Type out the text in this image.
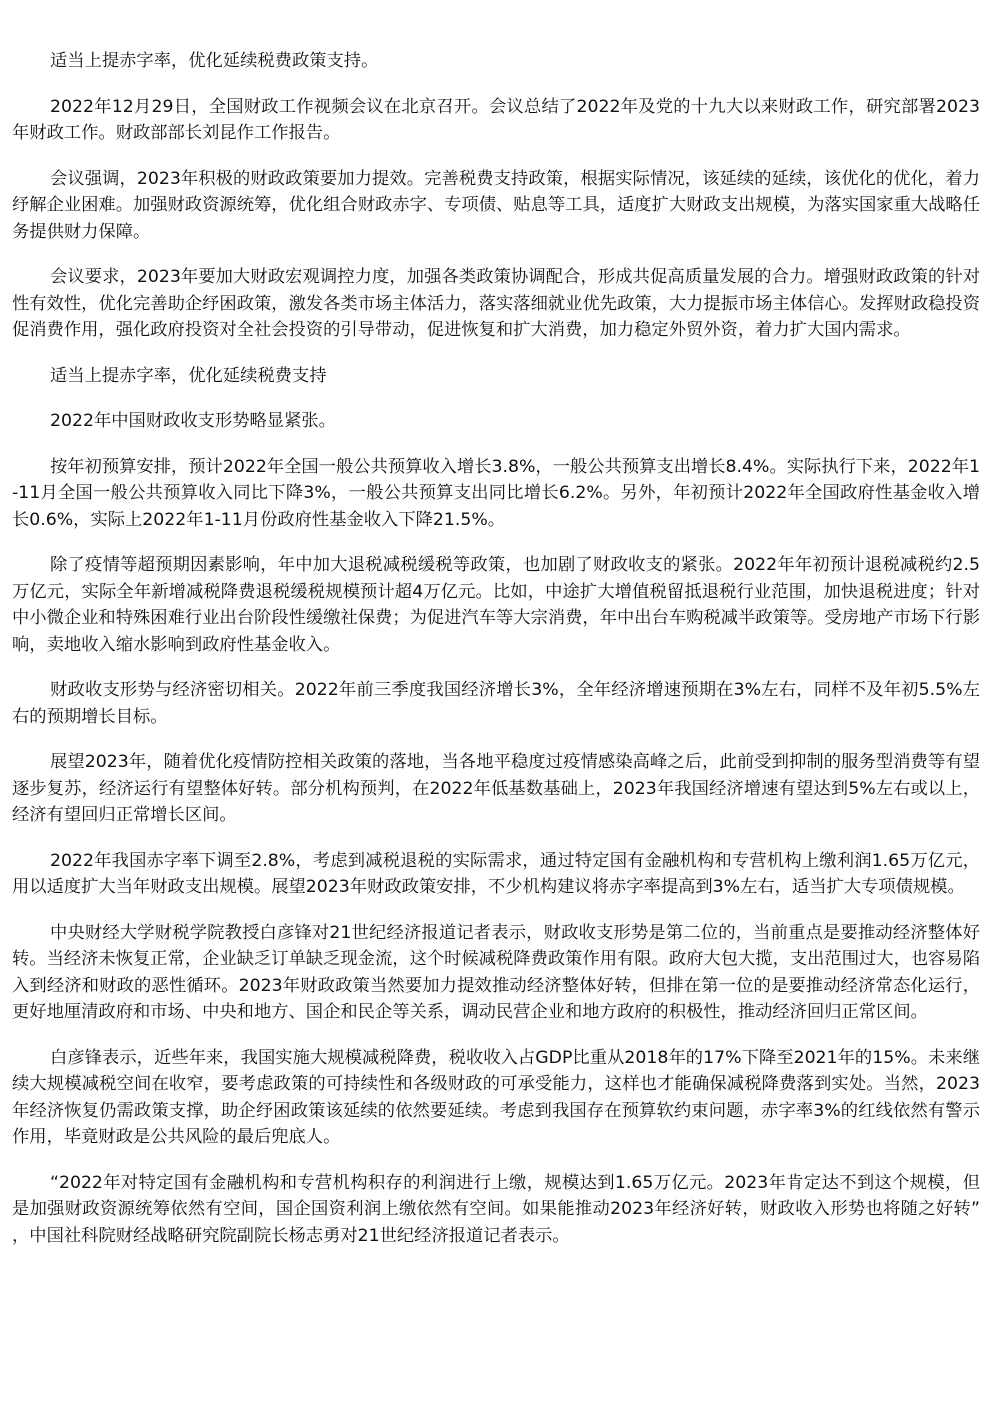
适当上提赤字率，优化延续税费政策支持。

2022年12月29日，全国财政工作视频会议在北京召开。会议总结了2022年及党的十九大以来财政工作，研究部署2023年财政工作。财政部部长刘昆作工作报告。

会议强调，2023年积极的财政政策要加力提效。完善税费支持政策，根据实际情况，该延续的延续，该优化的优化，着力纾解企业困难。加强财政资源统筹，优化组合财政赤字、专项债、贴息等工具，适度扩大财政支出规模，为落实国家重大战略任务提供财力保障。

会议要求，2023年要加大财政宏观调控力度，加强各类政策协调配合，形成共促高质量发展的合力。增强财政政策的针对性有效性，优化完善助企纾困政策，激发各类市场主体活力，落实落细就业优先政策，大力提振市场主体信心。发挥财政稳投资促消费作用，强化政府投资对全社会投资的引导带动，促进恢复和扩大消费，加力稳定外贸外资，着力扩大国内需求。

适当上提赤字率，优化延续税费支持

2022年中国财政收支形势略显紧张。

按年初预算安排，预计2022年全国一般公共预算收入增长3.8%，一般公共预算支出增长8.4%。实际执行下来，2022年1-11月全国一般公共预算收入同比下降3%，一般公共预算支出同比增长6.2%。另外，年初预计2022年全国政府性基金收入增长0.6%，实际上2022年1-11月份政府性基金收入下降21.5%。

除了疫情等超预期因素影响，年中加大退税减税缓税等政策，也加剧了财政收支的紧张。2022年年初预计退税减税约2.5万亿元，实际全年新增减税降费退税缓税规模预计超4万亿元。比如，中途扩大增值税留抵退税行业范围，加快退税进度；针对中小微企业和特殊困难行业出台阶段性缓缴社保费；为促进汽车等大宗消费，年中出台车购税减半政策等。受房地产市场下行影响，卖地收入缩水影响到政府性基金收入。

财政收支形势与经济密切相关。2022年前三季度我国经济增长3%，全年经济增速预期在3%左右，同样不及年初5.5%左右的预期增长目标。

展望2023年，随着优化疫情防控相关政策的落地，当各地平稳度过疫情感染高峰之后，此前受到抑制的服务型消费等有望逐步复苏，经济运行有望整体好转。部分机构预判，在2022年低基数基础上，2023年我国经济增速有望达到5%左右或以上，经济有望回归正常增长区间。

2022年我国赤字率下调至2.8%，考虑到减税退税的实际需求，通过特定国有金融机构和专营机构上缴利润1.65万亿元，用以适度扩大当年财政支出规模。展望2023年财政政策安排，不少机构建议将赤字率提高到3%左右，适当扩大专项债规模。

中央财经大学财税学院教授白彦锋对21世纪经济报道记者表示，财政收支形势是第二位的，当前重点是要推动经济整体好转。当经济未恢复正常，企业缺乏订单缺乏现金流，这个时候减税降费政策作用有限。政府大包大揽，支出范围过大，也容易陷入到经济和财政的恶性循环。2023年财政政策当然要加力提效推动经济整体好转，但排在第一位的是要推动经济常态化运行，更好地厘清政府和市场、中央和地方、国企和民企等关系，调动民营企业和地方政府的积极性，推动经济回归正常区间。

白彦锋表示，近些年来，我国实施大规模减税降费，税收收入占GDP比重从2018年的17%下降至2021年的15%。未来继续大规模减税空间在收窄，要考虑政策的可持续性和各级财政的可承受能力，这样也才能确保减税降费落到实处。当然，2023年经济恢复仍需政策支撑，助企纾困政策该延续的依然要延续。考虑到我国存在预算软约束问题，赤字率3%的红线依然有警示作用，毕竟财政是公共风险的最后兜底人。

“2022年对特定国有金融机构和专营机构积存的利润进行上缴，规模达到1.65万亿元。2023年肯定达不到这个规模，但是加强财政资源统筹依然有空间，国企国资利润上缴依然有空间。如果能推动2023年经济好转，财政收入形势也将随之好转”，中国社科院财经战略研究院副院长杨志勇对21世纪经济报道记者表示。
